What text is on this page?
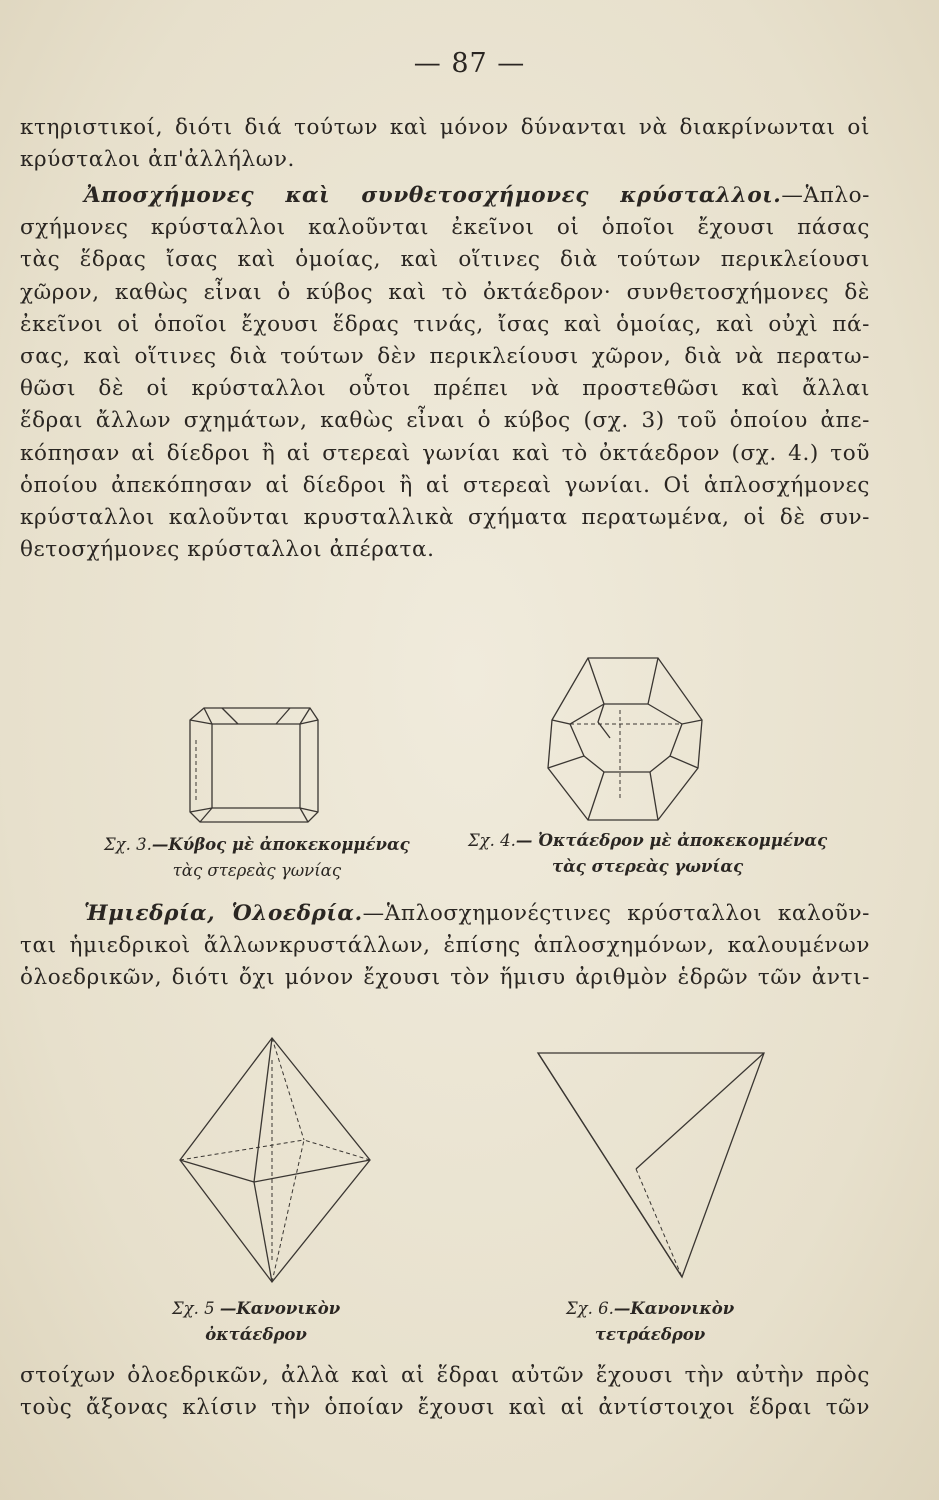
— 87 —
κτηριστικοί, διότι διά τούτων καὶ μόνον δύνανται νὰ διακρίνωνται οἱ
κρύσταλοι ἀπ'ἀλλήλων.
Ἀποσχήμονες καὶ συνθετοσχήμονες κρύσταλλοι.—Ἁπλο-
σχήμονες κρύσταλλοι καλοῦνται ἐκεῖνοι οἱ ὁποῖοι ἔχουσι πάσας
τὰς ἕδρας ἴσας καὶ ὁμοίας, καὶ οἵτινες διὰ τούτων περικλείουσι
χῶρον, καθὼς εἶναι ὁ κύβος καὶ τὸ ὀκτάεδρον· συνθετοσχήμονες δὲ
ἐκεῖνοι οἱ ὁποῖοι ἔχουσι ἕδρας τινάς, ἴσας καὶ ὁμοίας, καὶ οὐχὶ πά-
σας, καὶ οἵτινες διὰ τούτων δὲν περικλείουσι χῶρον, διὰ νὰ περατω-
θῶσι δὲ οἱ κρύσταλλοι οὗτοι πρέπει νὰ προστεθῶσι καὶ ἄλλαι
ἕδραι ἄλλων σχημάτων, καθὼς εἶναι ὁ κύβος (σχ. 3) τοῦ ὁποίου ἀπε-
κόπησαν αἱ δίεδροι ἢ αἱ στερεαὶ γωνίαι καὶ τὸ ὀκτάεδρον (σχ. 4.) τοῦ
ὁποίου ἀπεκόπησαν αἱ δίεδροι ἢ αἱ στερεαὶ γωνίαι. Οἱ ἁπλοσχήμονες
κρύσταλλοι καλοῦνται κρυσταλλικὰ σχήματα περατωμένα, οἱ δὲ συν-
θετοσχήμονες κρύσταλλοι ἀπέρατα.
Σχ. 3.—Κύβος μὲ ἀποκεκομμένας
τὰς στερεὰς γωνίας
Σχ. 4.— Ὀκτάεδρον μὲ ἀποκεκομμένας
τὰς στερεὰς γωνίας
Ἡμιεδρία, Ὁλοεδρία.—Ἁπλοσχημονέςτινες κρύσταλλοι καλοῦν-
ται ἡμιεδρικοὶ ἄλλωνκρυστάλλων, ἐπίσης ἁπλοσχημόνων, καλουμένων
ὁλοεδρικῶν, διότι ὄχι μόνον ἔχουσι τὸν ἥμισυ ἀριθμὸν ἑδρῶν τῶν ἀντι-
Σχ. 5 —Κανονικὸν
ὀκτάεδρον
Σχ. 6.—Κανονικὸν
τετράεδρον
στοίχων ὁλοεδρικῶν, ἀλλὰ καὶ αἱ ἕδραι αὐτῶν ἔχουσι τὴν αὐτὴν πρὸς
τοὺς ἄξονας κλίσιν τὴν ὁποίαν ἔχουσι καὶ αἱ ἀντίστοιχοι ἕδραι τῶν
